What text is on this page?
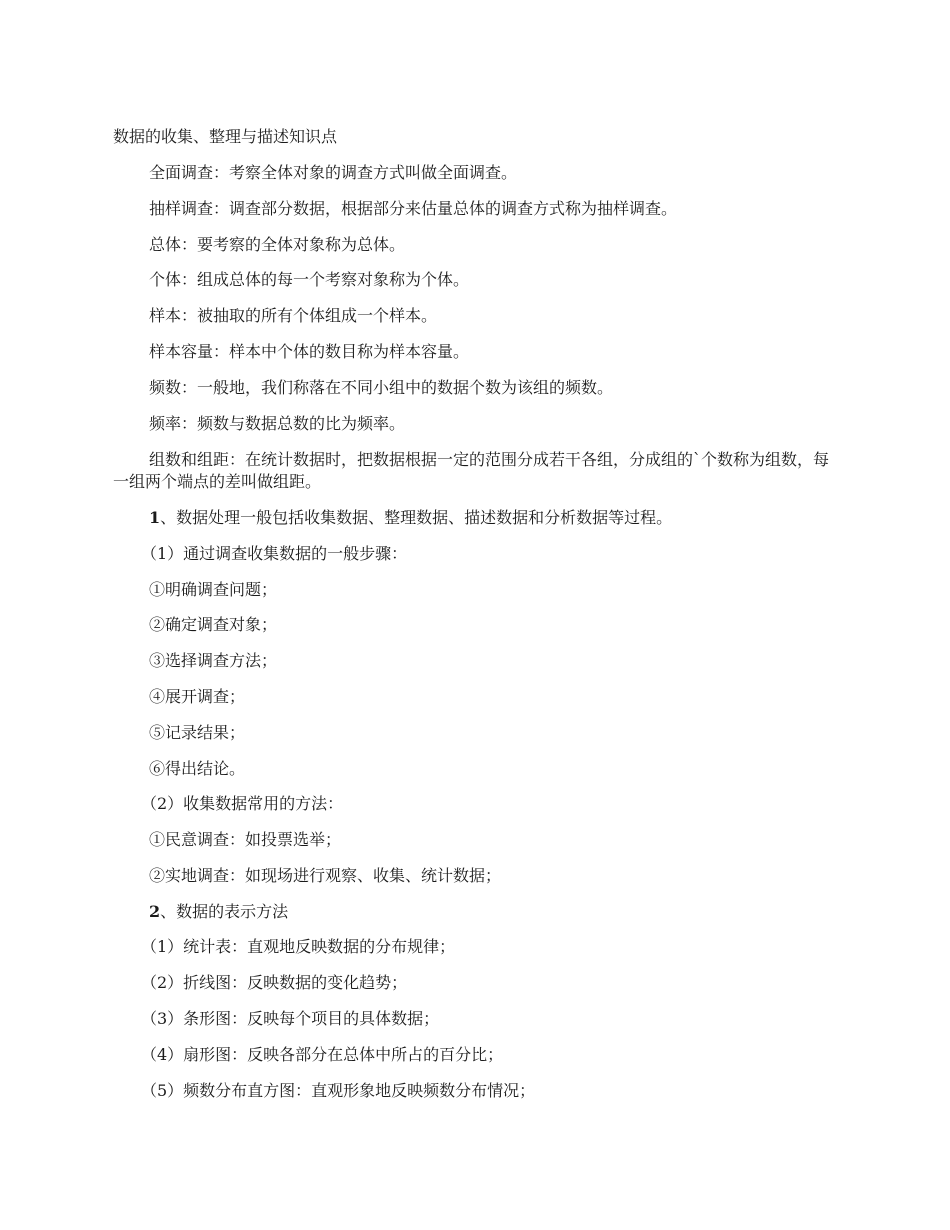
数据的收集、整理与描述知识点
全面调查：考察全体对象的调查方式叫做全面调查。
抽样调查：调查部分数据，根据部分来估量总体的调查方式称为抽样调查。
总体：要考察的全体对象称为总体。
个体：组成总体的每一个考察对象称为个体。
样本：被抽取的所有个体组成一个样本。
样本容量：样本中个体的数目称为样本容量。
频数：一般地，我们称落在不同小组中的数据个数为该组的频数。
频率：频数与数据总数的比为频率。
组数和组距：在统计数据时，把数据根据一定的范围分成若干各组，分成组的`个数称为组数，每一组两个端点的差叫做组距。
1、数据处理一般包括收集数据、整理数据、描述数据和分析数据等过程。
（1）通过调查收集数据的一般步骤：
①明确调查问题；
②确定调查对象；
③选择调查方法；
④展开调查；
⑤记录结果；
⑥得出结论。
（2）收集数据常用的方法：
①民意调查：如投票选举；
②实地调查：如现场进行观察、收集、统计数据；
2、数据的表示方法
（1）统计表：直观地反映数据的分布规律；
（2）折线图：反映数据的变化趋势；
（3）条形图：反映每个项目的具体数据；
（4）扇形图：反映各部分在总体中所占的百分比；
（5）频数分布直方图：直观形象地反映频数分布情况；
